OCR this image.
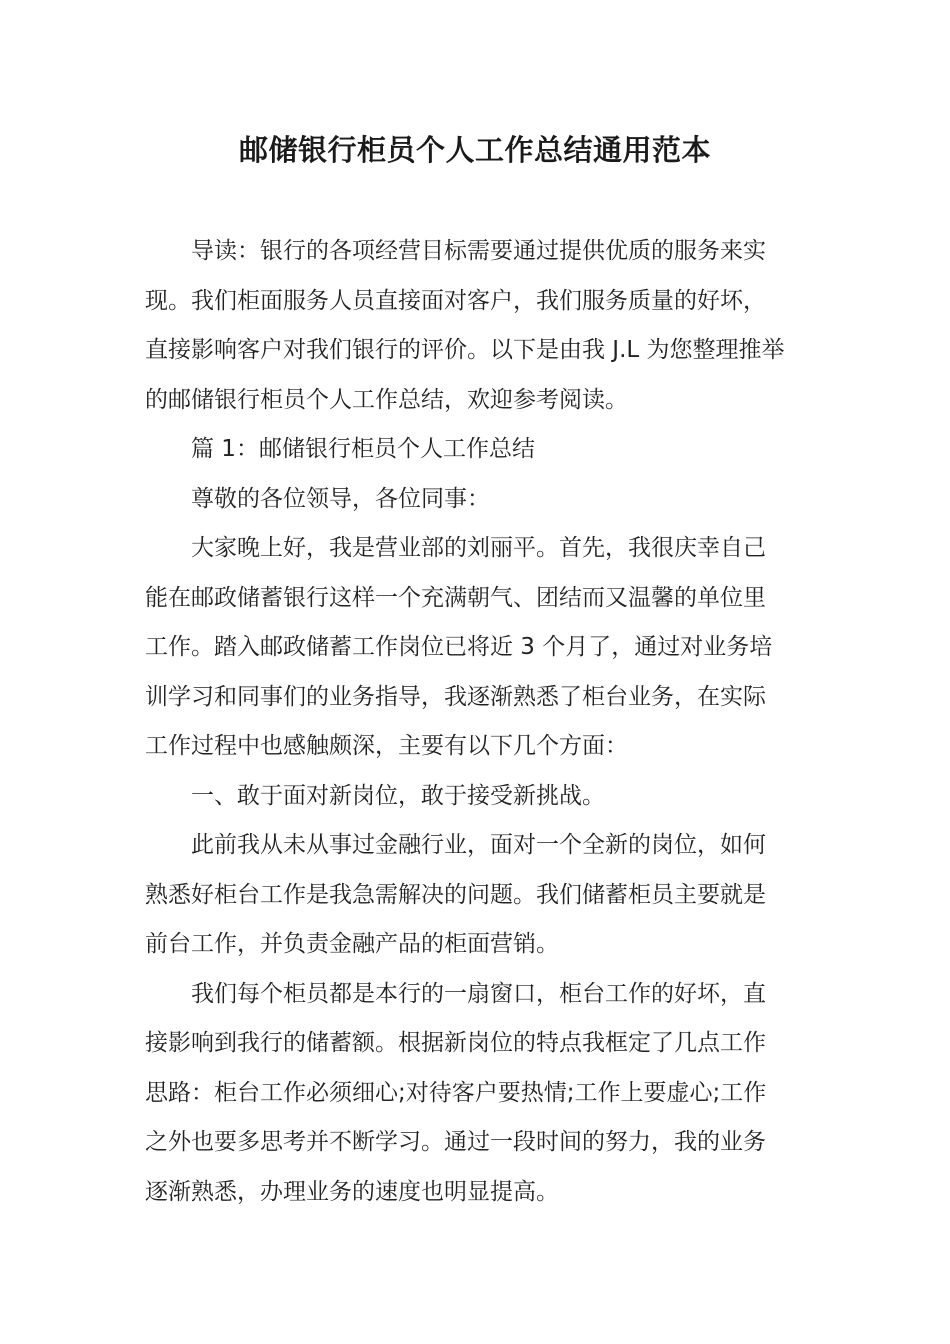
邮储银行柜员个人工作总结通用范本

导读：银行的各项经营目标需要通过提供优质的服务来实
现。我们柜面服务人员直接面对客户，我们服务质量的好坏，
直接影响客户对我们银行的评价。以下是由我 J.L 为您整理推举
的邮储银行柜员个人工作总结，欢迎参考阅读。

篇 1：邮储银行柜员个人工作总结

尊敬的各位领导，各位同事：

大家晚上好，我是营业部的刘丽平。首先，我很庆幸自己
能在邮政储蓄银行这样一个充满朝气、团结而又温馨的单位里
工作。踏入邮政储蓄工作岗位已将近 3 个月了，通过对业务培
训学习和同事们的业务指导，我逐渐熟悉了柜台业务，在实际
工作过程中也感触颇深，主要有以下几个方面：

一、敢于面对新岗位，敢于接受新挑战。

此前我从未从事过金融行业，面对一个全新的岗位，如何
熟悉好柜台工作是我急需解决的问题。我们储蓄柜员主要就是
前台工作，并负责金融产品的柜面营销。

我们每个柜员都是本行的一扇窗口，柜台工作的好坏，直
接影响到我行的储蓄额。根据新岗位的特点我框定了几点工作
思路：柜台工作必须细心;对待客户要热情;工作上要虚心;工作
之外也要多思考并不断学习。通过一段时间的努力，我的业务
逐渐熟悉，办理业务的速度也明显提高。
